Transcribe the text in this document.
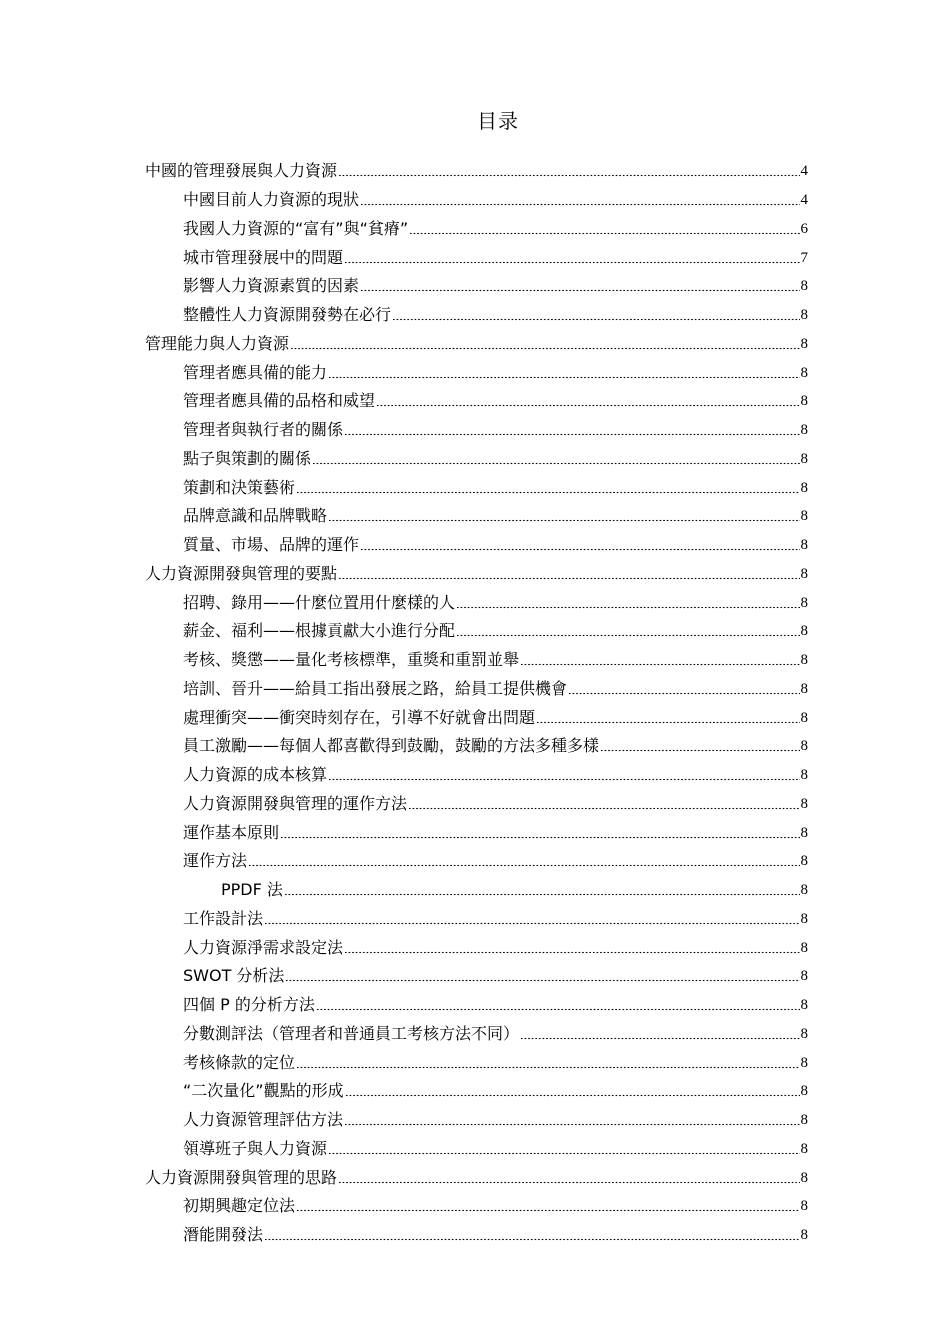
目录
中國的管理發展與人力資源	4
中國目前人力資源的現狀	4
我國人力資源的“富有”與“貧瘠”	6
城市管理發展中的問題	7
影響人力資源素質的因素	8
整體性人力資源開發勢在必行	8
管理能力與人力資源	8
管理者應具備的能力	8
管理者應具備的品格和威望	8
管理者與執行者的關係	8
點子與策劃的關係	8
策劃和決策藝術	8
品牌意識和品牌戰略	8
質量、市場、品牌的運作	8
人力資源開發與管理的要點	8
招聘、錄用——什麼位置用什麼樣的人	8
薪金、福利——根據貢獻大小進行分配	8
考核、獎懲——量化考核標準，重獎和重罰並舉	8
培訓、晉升——給員工指出發展之路，給員工提供機會	8
處理衝突——衝突時刻存在，引導不好就會出問題	8
員工激勵——每個人都喜歡得到鼓勵，鼓勵的方法多種多樣	8
人力資源的成本核算	8
人力資源開發與管理的運作方法	8
運作基本原則	8
運作方法	8
PPDF 法	8
工作設計法	8
人力資源淨需求設定法	8
SWOT 分析法	8
四個 P 的分析方法	8
分數測評法（管理者和普通員工考核方法不同）	8
考核條款的定位	8
“二次量化”觀點的形成	8
人力資源管理評估方法	8
領導班子與人力資源	8
人力資源開發與管理的思路	8
初期興趣定位法	8
潛能開發法	8
